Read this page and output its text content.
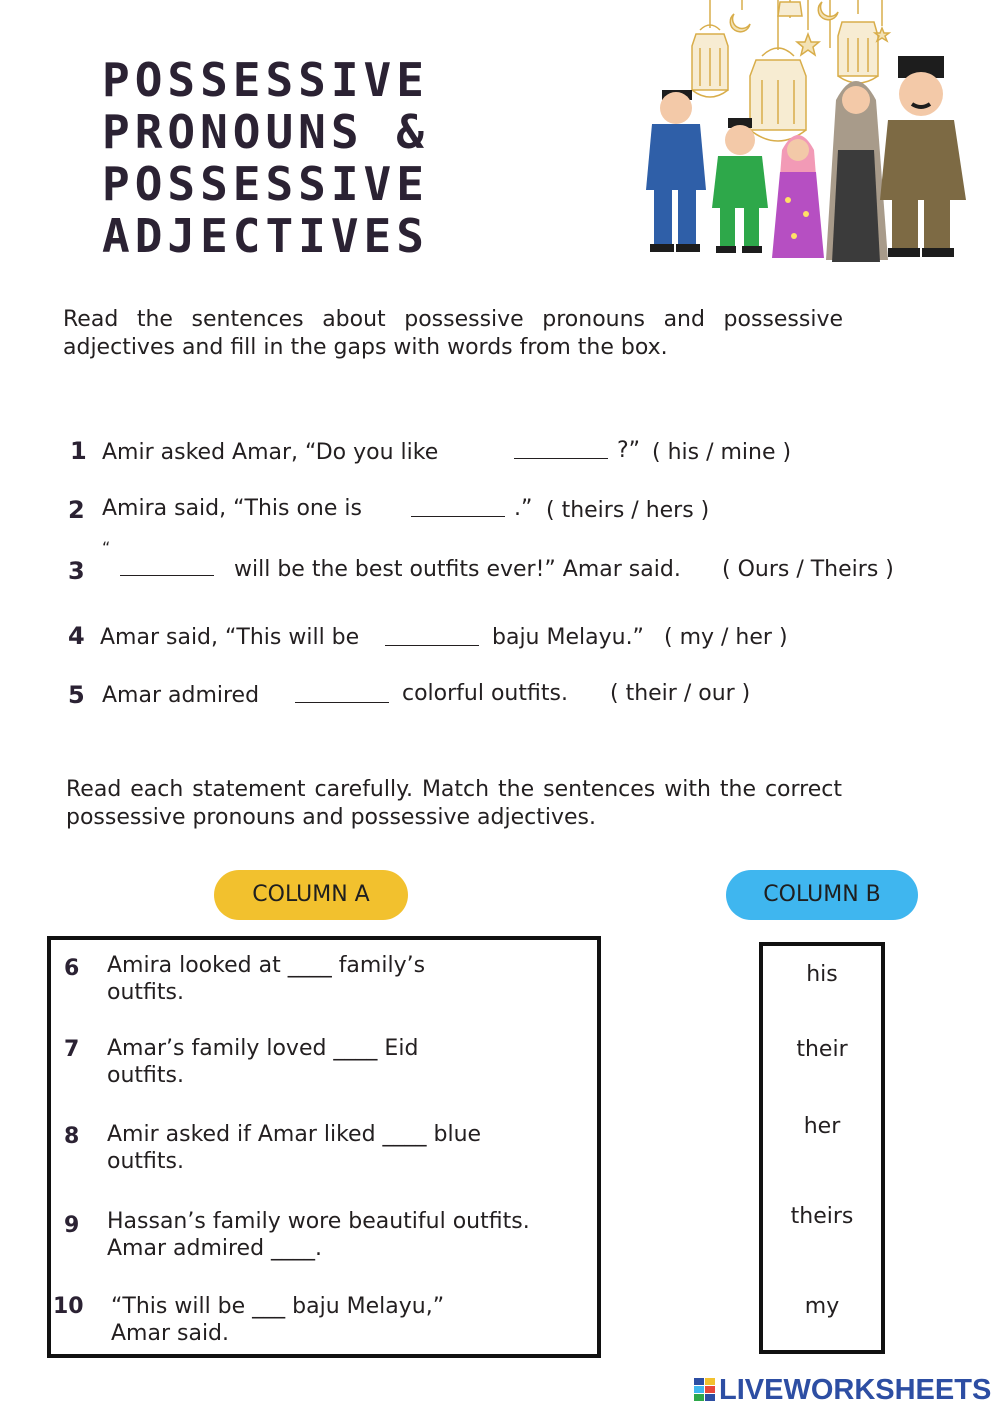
POSSESSIVE
PRONOUNS &
POSSESSIVE
ADJECTIVES
Read the sentences about possessive pronouns and possessive adjectives and fill in the gaps with words from the box.
1 Amir asked Amar, “Do you like	?” ( his / mine )
2 Amira said, “This one is	.” ( theirs / hers )
3
“
will be the best outfits ever!” Amar said. ( Ours / Theirs )
4 Amar said, “This will be	baju Melayu.” ( my / her )
5 Amar admired	colorful outfits. ( their / our )
Read each statement carefully. Match the sentences with the correct possessive pronouns and possessive adjectives.
COLUMN A	COLUMN B
6 Amira looked at ____ family’s
outfits.
7 Amar’s family loved ____ Eid
outfits.
8 Amir asked if Amar liked ____ blue
outfits.
9 Hassan’s family wore beautiful outfits.
Amar admired ____.
10 “This will be ___ baju Melayu,”
Amar said.
his
their
her
theirs
my
LIVEWORKSHEETS
